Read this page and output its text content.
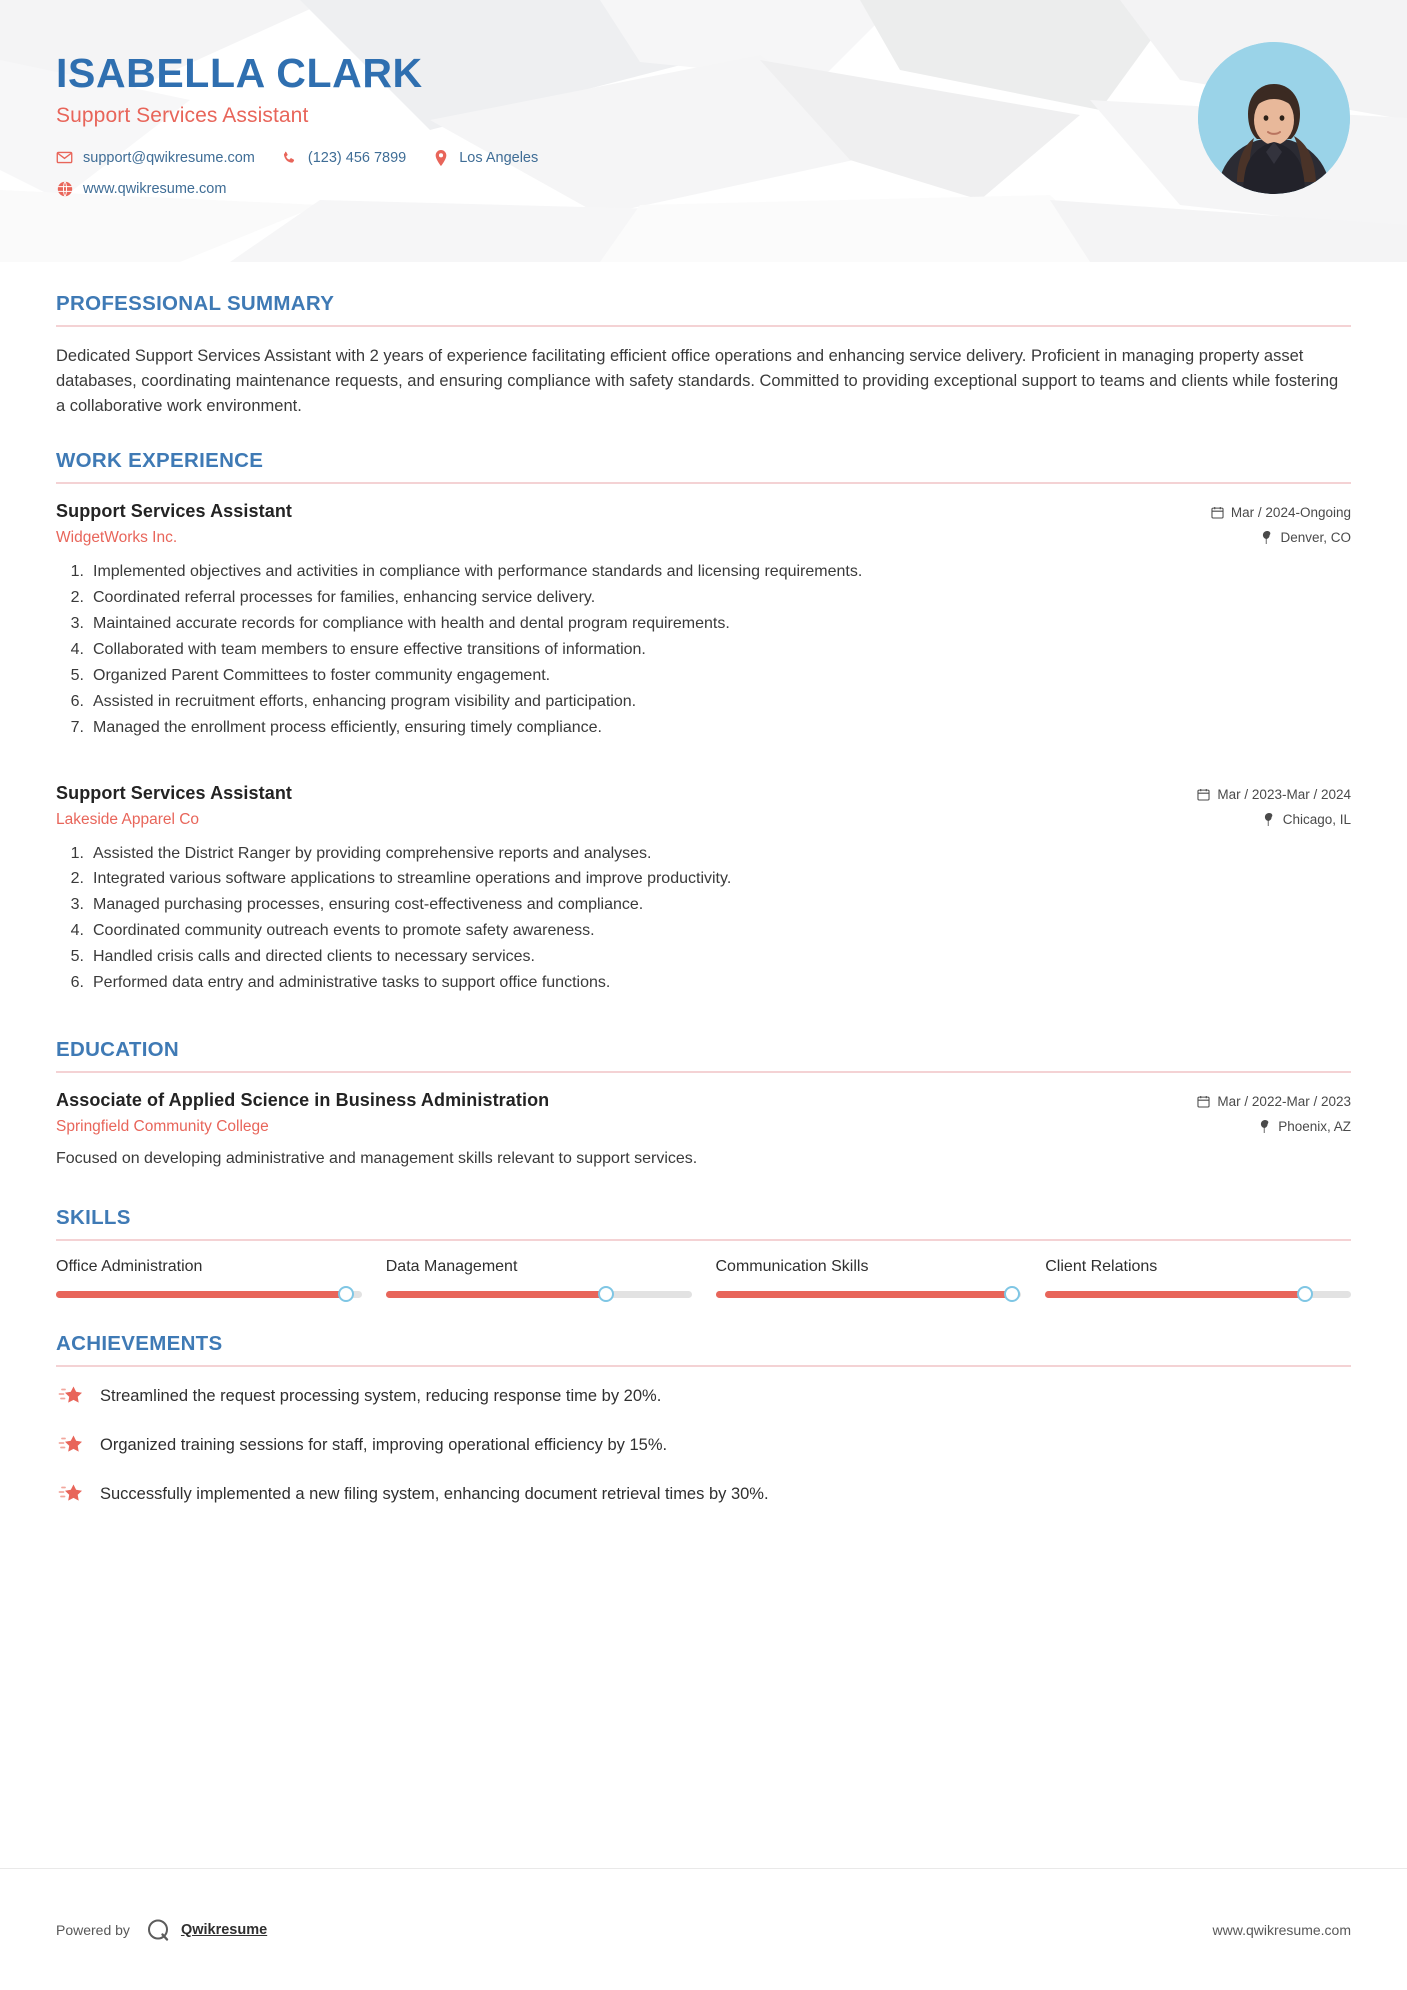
ISABELLA CLARK
Support Services Assistant
support@qwikresume.com	(123) 456 7899	Los Angeles
www.qwikresume.com
PROFESSIONAL SUMMARY
Dedicated Support Services Assistant with 2 years of experience facilitating efficient office operations and enhancing service delivery. Proficient in managing property asset databases, coordinating maintenance requests, and ensuring compliance with safety standards. Committed to providing exceptional support to teams and clients while fostering a collaborative work environment.
WORK EXPERIENCE
Support Services Assistant
WidgetWorks Inc.
Mar / 2024-Ongoing
Denver, CO
1. Implemented objectives and activities in compliance with performance standards and licensing requirements.
2. Coordinated referral processes for families, enhancing service delivery.
3. Maintained accurate records for compliance with health and dental program requirements.
4. Collaborated with team members to ensure effective transitions of information.
5. Organized Parent Committees to foster community engagement.
6. Assisted in recruitment efforts, enhancing program visibility and participation.
7. Managed the enrollment process efficiently, ensuring timely compliance.
Support Services Assistant
Lakeside Apparel Co
Mar / 2023-Mar / 2024
Chicago, IL
1. Assisted the District Ranger by providing comprehensive reports and analyses.
2. Integrated various software applications to streamline operations and improve productivity.
3. Managed purchasing processes, ensuring cost-effectiveness and compliance.
4. Coordinated community outreach events to promote safety awareness.
5. Handled crisis calls and directed clients to necessary services.
6. Performed data entry and administrative tasks to support office functions.
EDUCATION
Associate of Applied Science in Business Administration
Springfield Community College
Mar / 2022-Mar / 2023
Phoenix, AZ
Focused on developing administrative and management skills relevant to support services.
SKILLS
Office Administration	Data Management	Communication Skills	Client Relations
ACHIEVEMENTS
Streamlined the request processing system, reducing response time by 20%.
Organized training sessions for staff, improving operational efficiency by 15%.
Successfully implemented a new filing system, enhancing document retrieval times by 30%.
Powered by	Qwikresume	www.qwikresume.com
